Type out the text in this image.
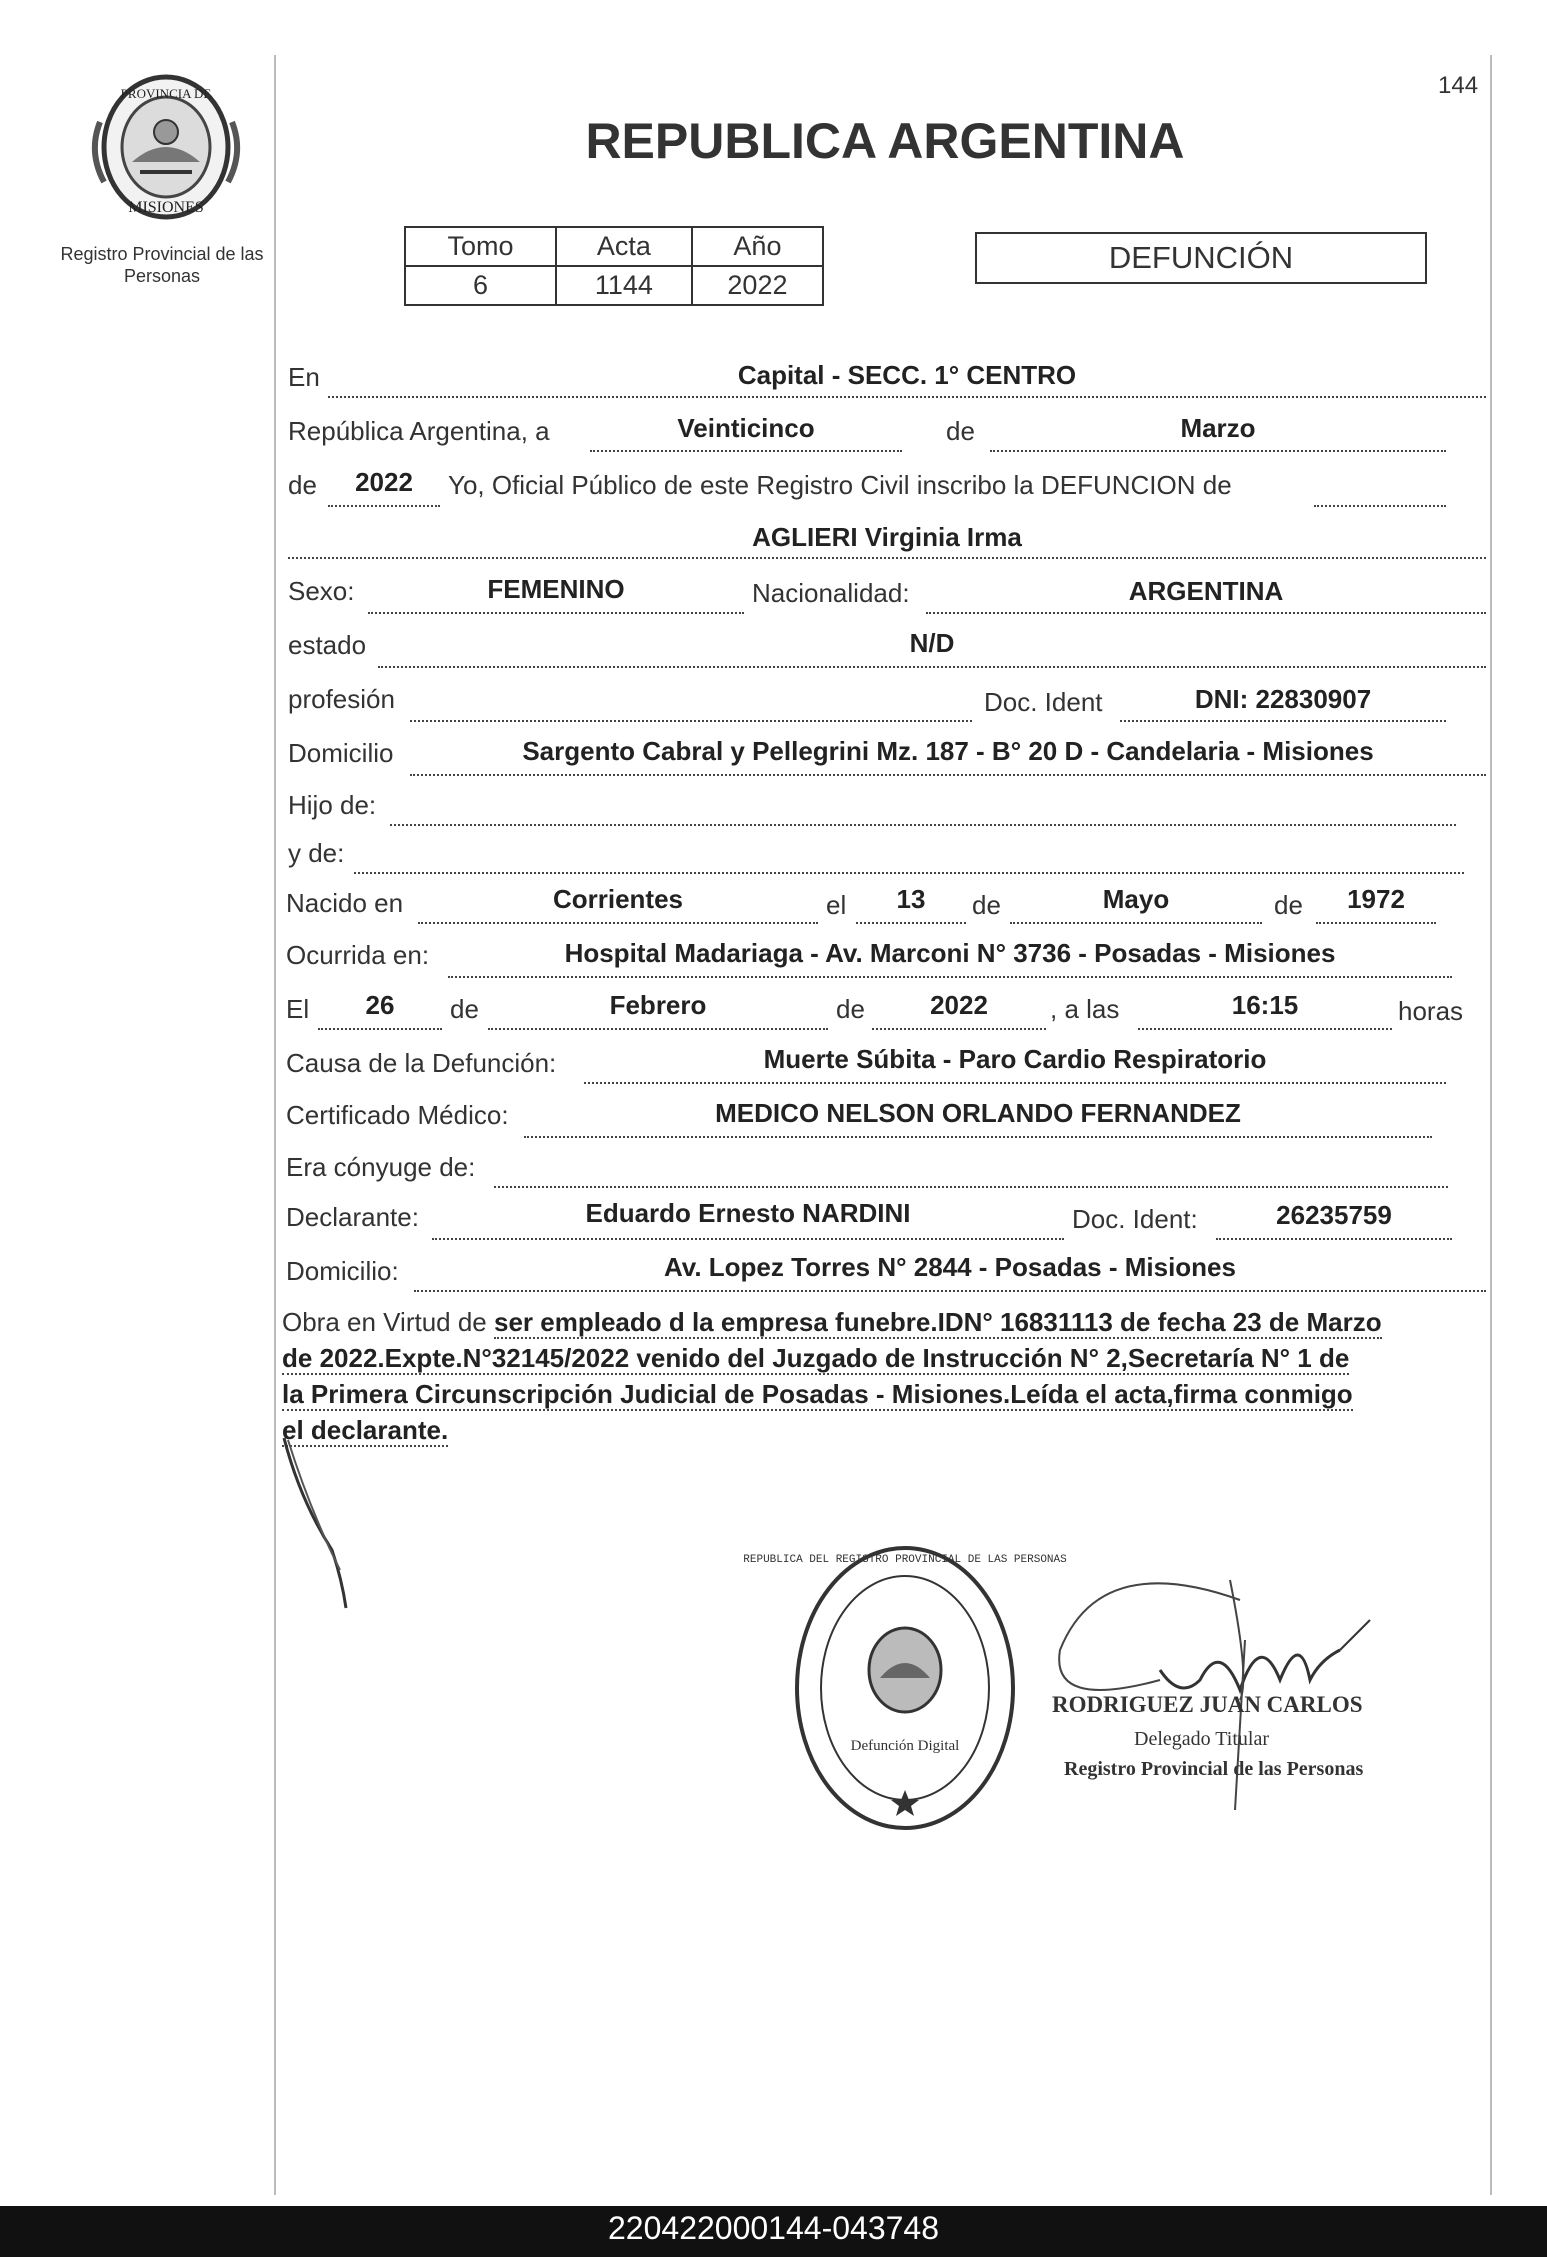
PROVINCIA DE
MISIONES
Registro Provincial de las Personas
144
REPUBLICA ARGENTINA
Tomo	Acta	Año
6	1144	2022
DEFUNCIÓN
En	Capital - SECC. 1° CENTRO
República Argentina, a	Veinticinco	de	Marzo
de	2022	Yo, Oficial Público de este Registro Civil inscribo la DEFUNCION de
AGLIERI Virginia Irma
Sexo:	FEMENINO	Nacionalidad:	ARGENTINA
estado	N/D
profesión	Doc. Ident	DNI: 22830907
Domicilio	Sargento Cabral y Pellegrini Mz. 187 - B° 20 D - Candelaria - Misiones
Hijo de:
y de:
Nacido en	Corrientes	el	13	de	Mayo	de	1972
Ocurrida en:	Hospital Madariaga - Av. Marconi N° 3736 - Posadas - Misiones
El	26	de	Febrero	de	2022	, a las	16:15	horas
Causa de la Defunción:	Muerte Súbita - Paro Cardio Respiratorio
Certificado Médico:	MEDICO NELSON ORLANDO FERNANDEZ
Era cónyuge de:
Declarante:	Eduardo Ernesto NARDINI	Doc. Ident:	26235759
Domicilio:	Av. Lopez Torres N° 2844 - Posadas - Misiones
Obra en Virtud de ser empleado d la empresa funebre.IDN° 16831113 de fecha 23 de Marzo
de 2022.Expte.N°32145/2022 venido del Juzgado de Instrucción N° 2,Secretaría N° 1 de
la Primera Circunscripción Judicial de Posadas - Misiones.Leída el acta,firma conmigo
el declarante.
REPUBLICA DEL REGISTRO PROVINCIAL DE LAS PERSONAS
Defunción Digital
RODRIGUEZ JUAN CARLOS
Delegado Titular
Registro Provincial de las Personas
220422000144-043748
